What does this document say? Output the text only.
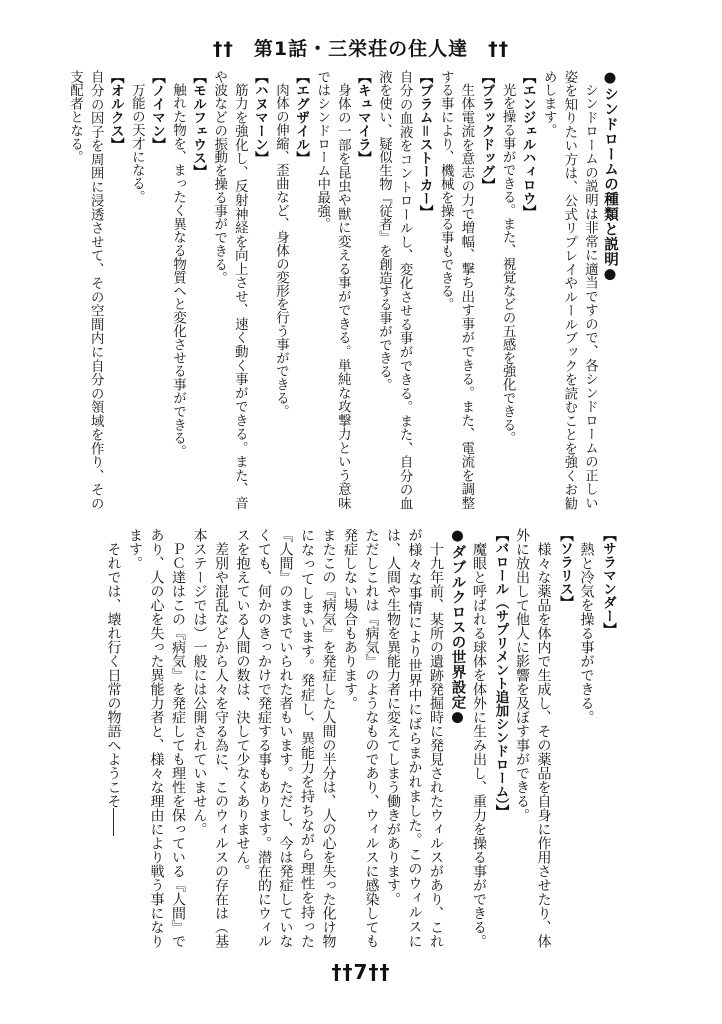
††　第1話・三栄荘の住人達　††
●シンドロームの種類と説明●
シンドロームの説明は非常に適当ですので、各シンドロームの正しい姿を知りたい方は、公式リプレイやルールブックを読むことを強くお勧めします。
【エンジェルハィロウ】
光を操る事ができる。また、視覚などの五感を強化できる。
【ブラックドッグ】
生体電流を意志の力で増幅、撃ち出す事ができる。また、電流を調整する事により、機械を操る事もできる。
【ブラム＝ストーカー】
自分の血液をコントロールし、変化させる事ができる。また、自分の血液を使い、疑似生物『従者』を創造する事ができる。
【キュマイラ】
身体の一部を昆虫や獣に変える事ができる。単純な攻撃力という意味ではシンドローム中最強。
【エグザイル】
肉体の伸縮、歪曲など、身体の変形を行う事ができる。
【ハヌマーン】
筋力を強化し、反射神経を向上させ、速く動く事ができる。また、音や波などの振動を操る事ができる。
【モルフェウス】
触れた物を、まったく異なる物質へと変化させる事ができる。
【ノイマン】
万能の天才になる。
【オルクス】
自分の因子を周囲に浸透させて、その空間内に自分の領域を作り、その支配者となる。
【サラマンダー】
熱と冷気を操る事ができる。
【ソラリス】
様々な薬品を体内で生成し、その薬品を自身に作用させたり、体外に放出して他人に影響を及ぼす事ができる。
【バロール（サプリメント追加シンドローム）】
魔眼と呼ばれる球体を体外に生み出し、重力を操る事ができる。
●ダブルクロスの世界設定●
十九年前、某所の遺跡発掘時に発見されたウィルスがあり、これが様々な事情により世界中にばらまかれました。このウィルスには、人間や生物を異能力者に変えてしまう働きがあります。
ただしこれは『病気』のようなものであり、ウィルスに感染しても発症しない場合もあります。
またこの『病気』を発症した人間の半分は、人の心を失った化け物になってしまいます。発症し、異能力を持ちながら理性を持った『人間』のままでいられた者もいます。ただし、今は発症していなくても、何かのきっかけで発症する事もあります。潜在的にウィルスを抱えている人間の数は、決して少なくありません。
差別や混乱などから人々を守る為に、このウィルスの存在は（基本ステージでは）一般には公開されていません。
ＰＣ達はこの『病気』を発症しても理性を保っている『人間』であり、人の心を失った異能力者と、様々な理由により戦う事になります。
それでは、壊れ行く日常の物語へようこそ――
††7††
